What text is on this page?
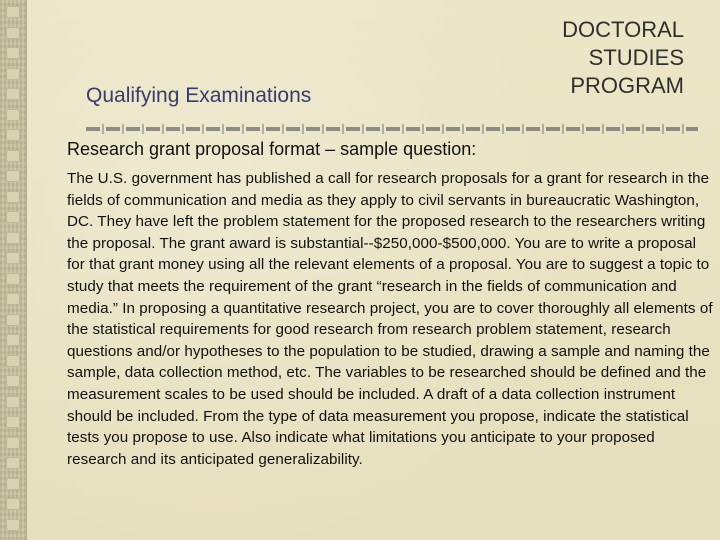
Qualifying Examinations
DOCTORAL
STUDIES
PROGRAM
Research grant proposal format – sample question:
The U.S. government has published a call for research proposals for a grant for research in the fields of communication and media as they apply to civil servants in bureaucratic Washington, DC. They have left the problem statement for the proposed research to the researchers writing the proposal. The grant award is substantial--$250,000-$500,000. You are to write a proposal for that grant money using all the relevant elements of a proposal. You are to suggest a topic to study that meets the requirement of the grant “research in the fields of communication and media.” In proposing a quantitative research project, you are to cover thoroughly all elements of the statistical requirements for good research from research problem statement, research questions and/or hypotheses to the population to be studied, drawing a sample and naming the sample, data collection method, etc. The variables to be researched should be defined and the measurement scales to be used should be included. A draft of a data collection instrument should be included. From the type of data measurement you propose, indicate the statistical tests you propose to use. Also indicate what limitations you anticipate to your proposed research and its anticipated generalizability.
